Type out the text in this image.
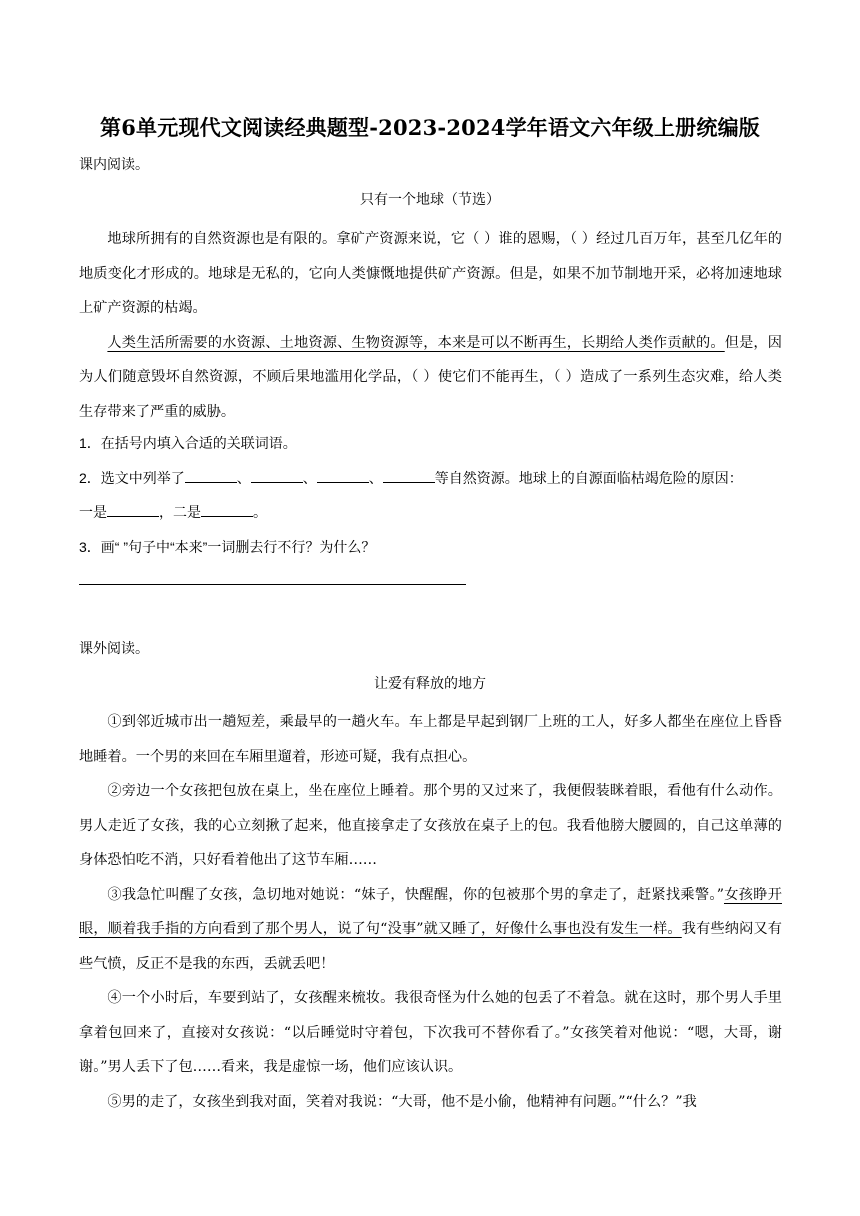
第6单元现代文阅读经典题型-2023-2024学年语文六年级上册统编版
课内阅读。
只有一个地球（节选）

地球所拥有的自然资源也是有限的。拿矿产资源来说，它（ ）谁的恩赐，（ ）经过几百万年，甚至几亿年的地质变化才形成的。地球是无私的，它向人类慷慨地提供矿产资源。但是，如果不加节制地开采，必将加速地球上矿产资源的枯竭。

人类生活所需要的水资源、土地资源、生物资源等，本来是可以不断再生，长期给人类作贡献的。但是，因为人们随意毁坏自然资源，不顾后果地滥用化学品，（ ）使它们不能再生，（ ）造成了一系列生态灾难，给人类生存带来了严重的威胁。

1．在括号内填入合适的关联词语。
2．选文中列举了	、	、	、	等自然资源。地球上的自源面临枯竭危险的原因：
一是	，二是	。
3．画“ ”句子中“本来”一词删去行不行？为什么？
课外阅读。
让爱有释放的地方

①到邻近城市出一趟短差，乘最早的一趟火车。车上都是早起到钢厂上班的工人，好多人都坐在座位上昏昏地睡着。一个男的来回在车厢里遛着，形迹可疑，我有点担心。

②旁边一个女孩把包放在桌上，坐在座位上睡着。那个男的又过来了，我便假装眯着眼，看他有什么动作。男人走近了女孩，我的心立刻揪了起来，他直接拿走了女孩放在桌子上的包。我看他膀大腰圆的，自己这单薄的身体恐怕吃不消，只好看着他出了这节车厢……

③我急忙叫醒了女孩，急切地对她说：“妹子，快醒醒，你的包被那个男的拿走了，赶紧找乘警。”女孩睁开眼，顺着我手指的方向看到了那个男人，说了句“没事”就又睡了，好像什么事也没有发生一样。我有些纳闷又有些气愤，反正不是我的东西，丢就丢吧！

④一个小时后，车要到站了，女孩醒来梳妆。我很奇怪为什么她的包丢了不着急。就在这时，那个男人手里拿着包回来了，直接对女孩说：“以后睡觉时守着包，下次我可不替你看了。”女孩笑着对他说：“嗯，大哥，谢谢。”男人丢下了包……看来，我是虚惊一场，他们应该认识。

⑤男的走了，女孩坐到我对面，笑着对我说：“大哥，他不是小偷，他精神有问题。”“什么？”我
